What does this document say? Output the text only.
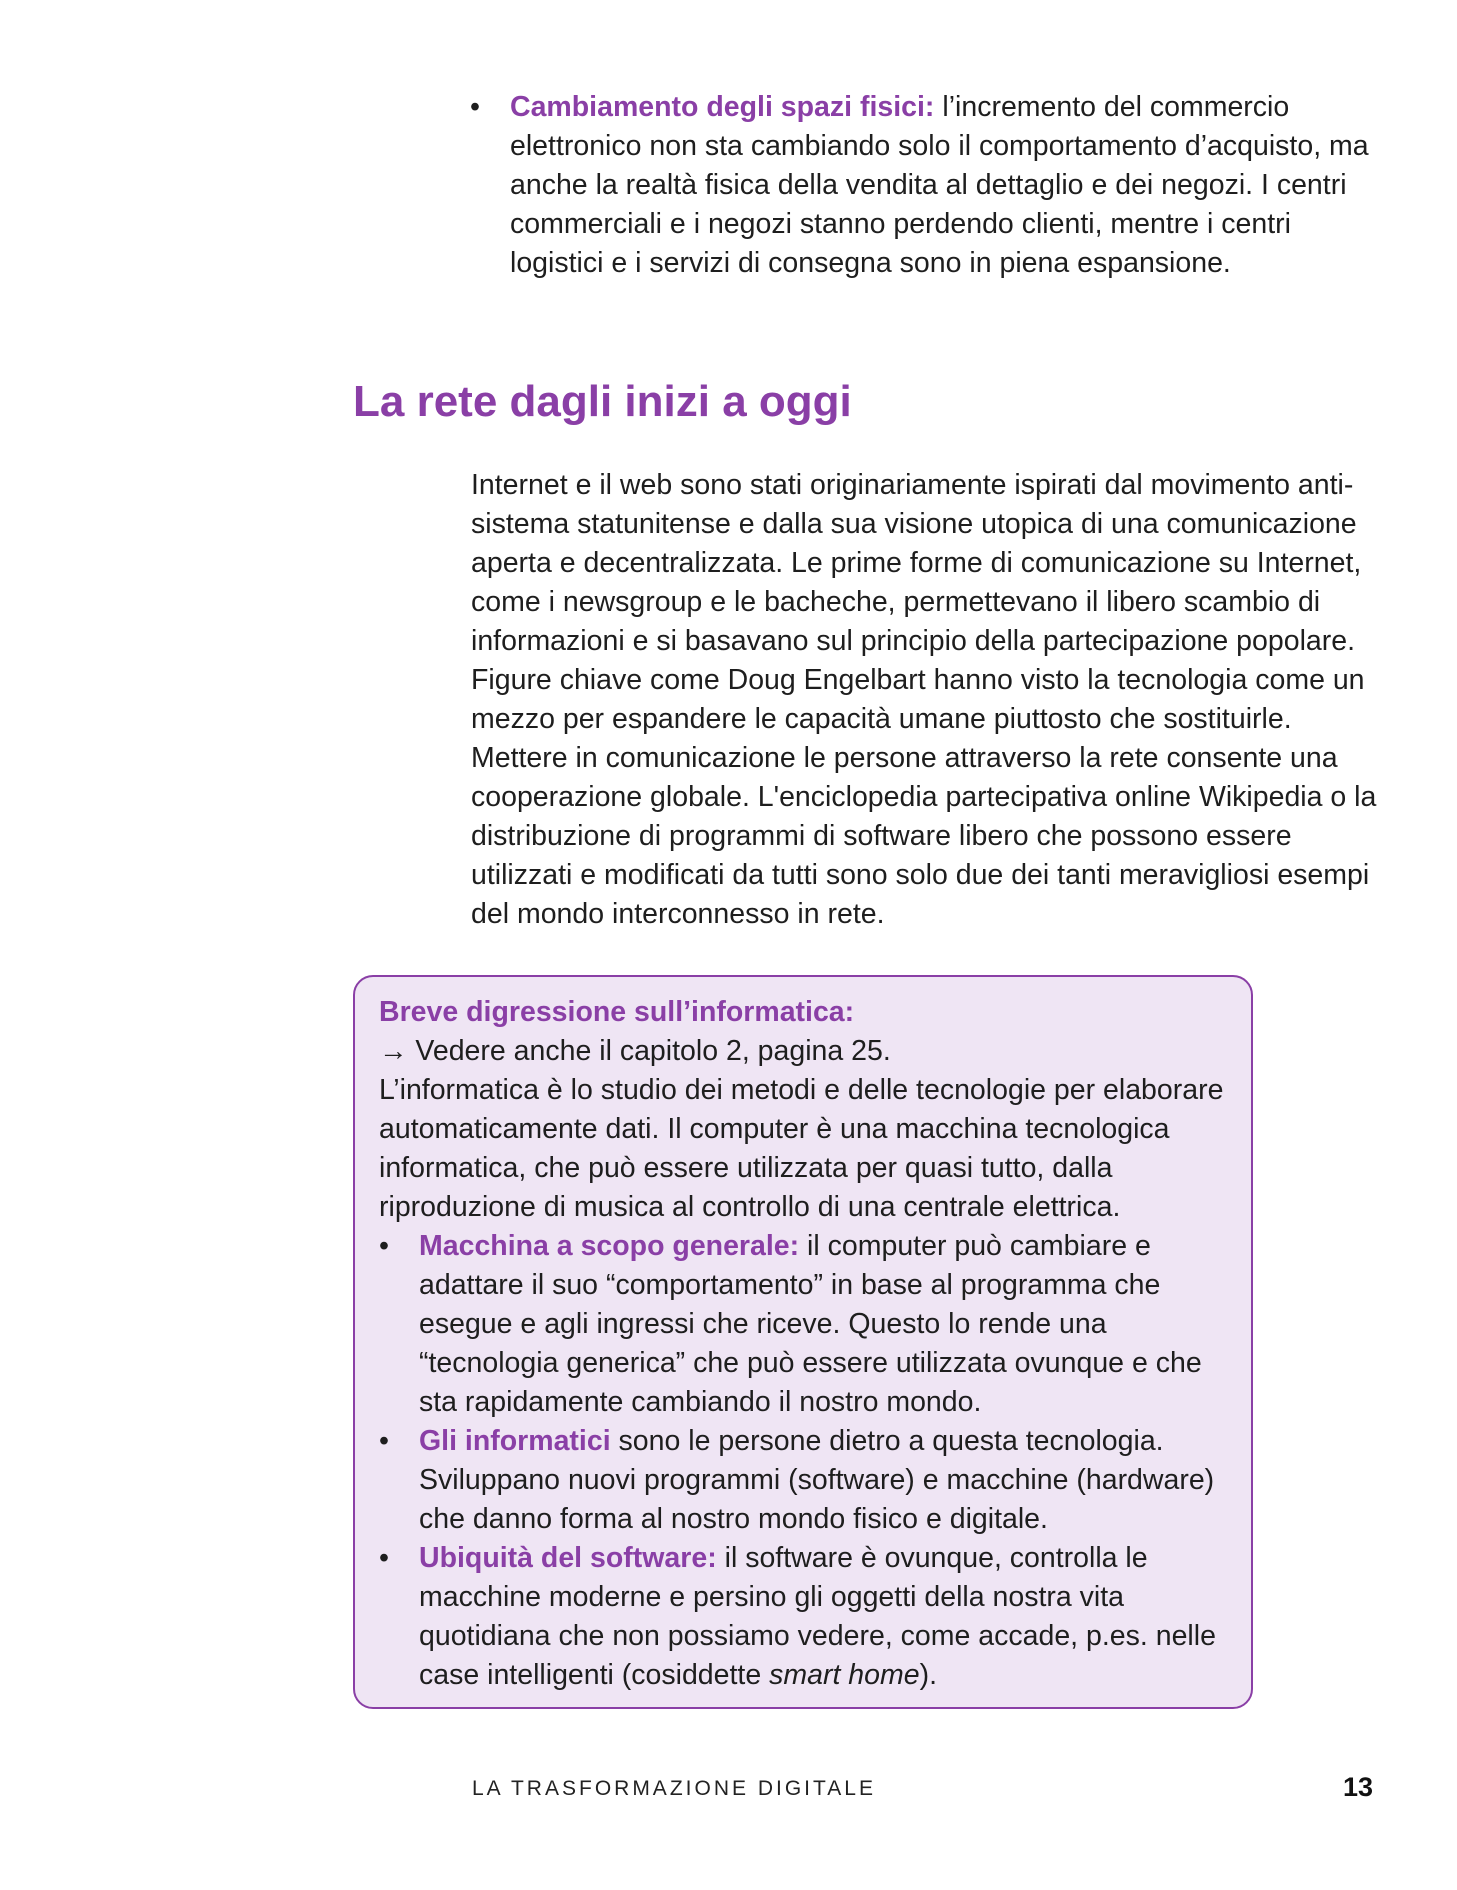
• Cambiamento degli spazi fisici: l’incremento del commercio elettronico non sta cambiando solo il comportamento d’acquisto, ma anche la realtà fisica della vendita al dettaglio e dei negozi. I centri commerciali e i negozi stanno perdendo clienti, mentre i centri logistici e i servizi di consegna sono in piena espansione.
La rete dagli inizi a oggi

Internet e il web sono stati originariamente ispirati dal movimento anti-sistema statunitense e dalla sua visione utopica di una comunicazione aperta e decentralizzata. Le prime forme di comunicazione su Internet, come i newsgroup e le bacheche, permettevano il libero scambio di informazioni e si basavano sul principio della partecipazione popolare. Figure chiave come Doug Engelbart hanno visto la tecnologia come un mezzo per espandere le capacità umane piuttosto che sostituirle. Mettere in comunicazione le persone attraverso la rete consente una cooperazione globale. L'enciclopedia partecipativa online Wikipedia o la distribuzione di programmi di software libero che possono essere utilizzati e modificati da tutti sono solo due dei tanti meravigliosi esempi del mondo interconnesso in rete.

Breve digressione sull’informatica:

→ Vedere anche il capitolo 2, pagina 25.

L’informatica è lo studio dei metodi e delle tecnologie per elaborare automaticamente dati. Il computer è una macchina tecnologica informatica, che può essere utilizzata per quasi tutto, dalla riproduzione di musica al controllo di una centrale elettrica.

• Macchina a scopo generale: il computer può cambiare e adattare il suo “comportamento” in base al programma che esegue e agli ingressi che riceve. Questo lo rende una “tecnologia generica” che può essere utilizzata ovunque e che sta rapidamente cambiando il nostro mondo.
• Gli informatici sono le persone dietro a questa tecnologia. Sviluppano nuovi programmi (software) e macchine (hardware) che danno forma al nostro mondo fisico e digitale.
• Ubiquità del software: il software è ovunque, controlla le macchine moderne e persino gli oggetti della nostra vita quotidiana che non possiamo vedere, come accade, p.es. nelle case intelligenti (cosiddette smart home).
LA TRASFORMAZIONE DIGITALE	13
